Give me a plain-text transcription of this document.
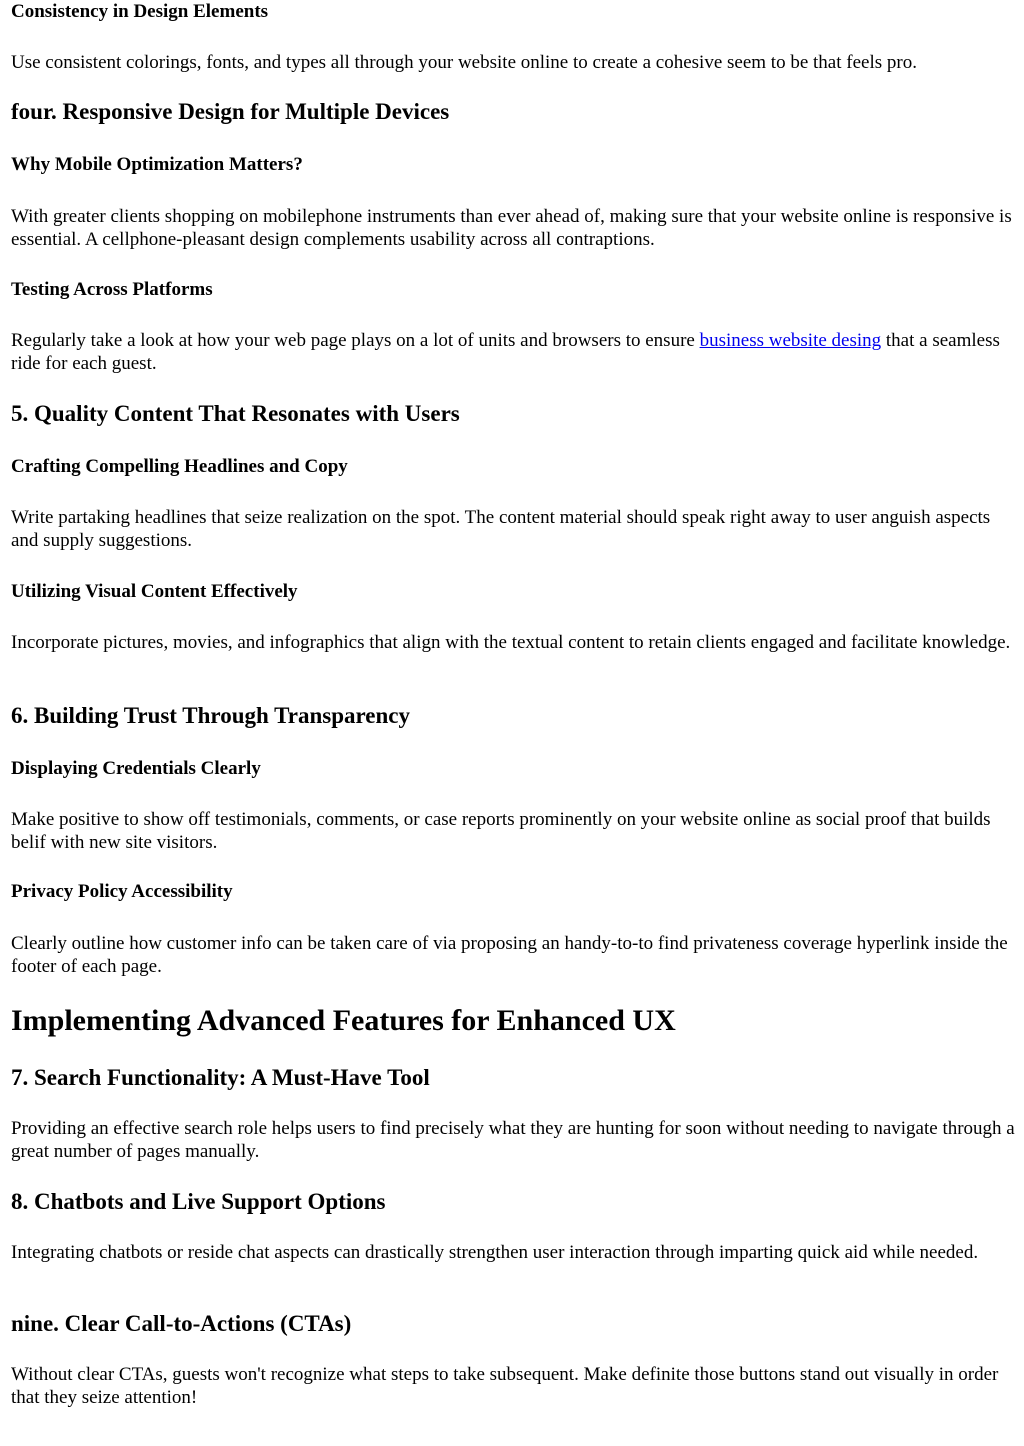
Consistency in Design Elements

Use consistent colorings, fonts, and types all through your website online to create a cohesive seem to be that feels pro.

four. Responsive Design for Multiple Devices
Why Mobile Optimization Matters?

With greater clients shopping on mobilephone instruments than ever ahead of, making sure that your website online is responsive is essential. A cellphone-pleasant design complements usability across all contraptions.

Testing Across Platforms

Regularly take a look at how your web page plays on a lot of units and browsers to ensure business website desing that a seamless ride for each guest.

5. Quality Content That Resonates with Users
Crafting Compelling Headlines and Copy

Write partaking headlines that seize realization on the spot. The content material should speak right away to user anguish aspects and supply suggestions.

Utilizing Visual Content Effectively

Incorporate pictures, movies, and infographics that align with the textual content to retain clients engaged and facilitate knowledge.

6. Building Trust Through Transparency
Displaying Credentials Clearly

Make positive to show off testimonials, comments, or case reports prominently on your website online as social proof that builds belif with new site visitors.

Privacy Policy Accessibility

Clearly outline how customer info can be taken care of via proposing an handy-to-to find privateness coverage hyperlink inside the footer of each page.

Implementing Advanced Features for Enhanced UX
7. Search Functionality: A Must-Have Tool

Providing an effective search role helps users to find precisely what they are hunting for soon without needing to navigate through a great number of pages manually.

8. Chatbots and Live Support Options

Integrating chatbots or reside chat aspects can drastically strengthen user interaction through imparting quick aid while needed.

nine. Clear Call-to-Actions (CTAs)

Without clear CTAs, guests won't recognize what steps to take subsequent. Make definite those buttons stand out visually in order that they seize attention!
